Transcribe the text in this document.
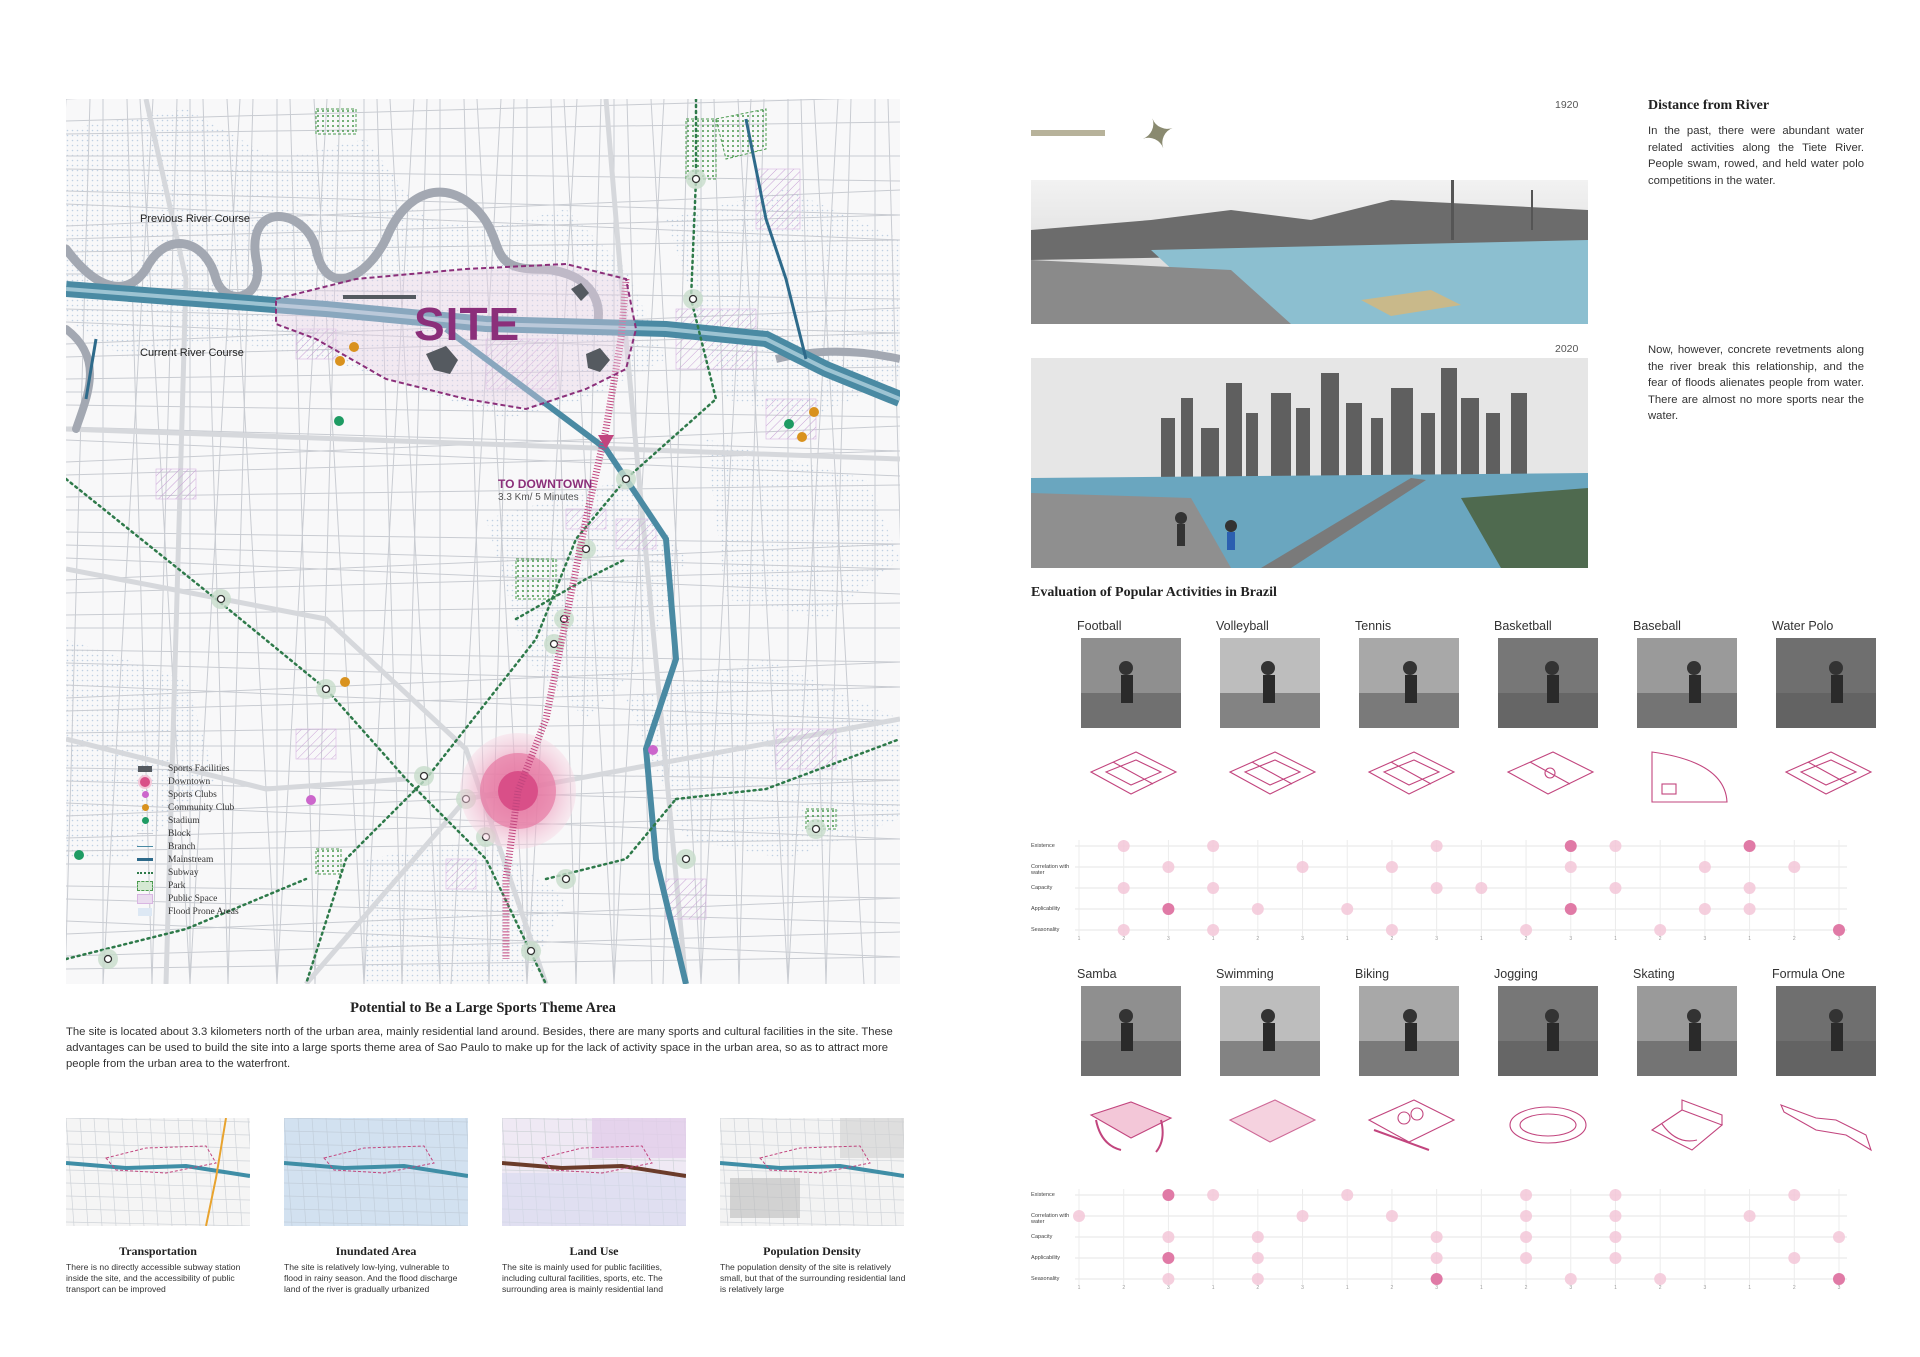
Previous River Course
Current River Course
SITE
TO DOWNTOWN
3.3 Km/ 5 Minutes
Sports Facilities
Downtown
Sports Clubs
Community Club
Stadium
Block
Branch
Mainstream
Subway
Park
Public Space
Flood Prone Areas
Potential to Be a Large Sports Theme Area
The site is located about 3.3 kilometers north of the urban area, mainly residential land around. Besides, there are many sports and cultural facilities in the site. These advantages can be used to build the site into a large sports theme area of Sao Paulo to make up for the lack of activity space in the urban area, so as to attract more people from the urban area to the waterfront.
Transportation
There is no directly accessible subway station inside the site, and the accessibility of public transport can be improved
Inundated Area
The site is relatively low-lying, vulnerable to flood in rainy season. And the flood discharge land of the river is gradually urbanized
Land Use
The site is mainly used for public facilities, including cultural facilities, sports, etc. The surrounding area is mainly residential land
Population Density
The population density of the site is relatively small, but that of the surrounding residential land is relatively large
1920
✦	Distance from River
In the past, there were abundant water related activities along the Tiete River. People swam, rowed, and held water polo competitions in the water.
2020	Now, however, concrete revetments along the river break this relationship, and the fear of floods alienates people from water. There are almost no more sports near the water.
Evaluation of Popular Activities in Brazil
Football	Volleyball	Tennis	Basketball	Baseball	Water Polo
1	2	3	1	2	3	1	2	3	1	2	3	1	2	3	1	2	3
Existence
Correlation with water
Capacity
Applicability
Seasonality
Samba	Swimming	Biking	Jogging	Skating	Formula One
1	2	3	1	2	3	1	2	3	1	2	3	1	2	3	1	2	3
Existence
Correlation with water
Capacity
Applicability
Seasonality
